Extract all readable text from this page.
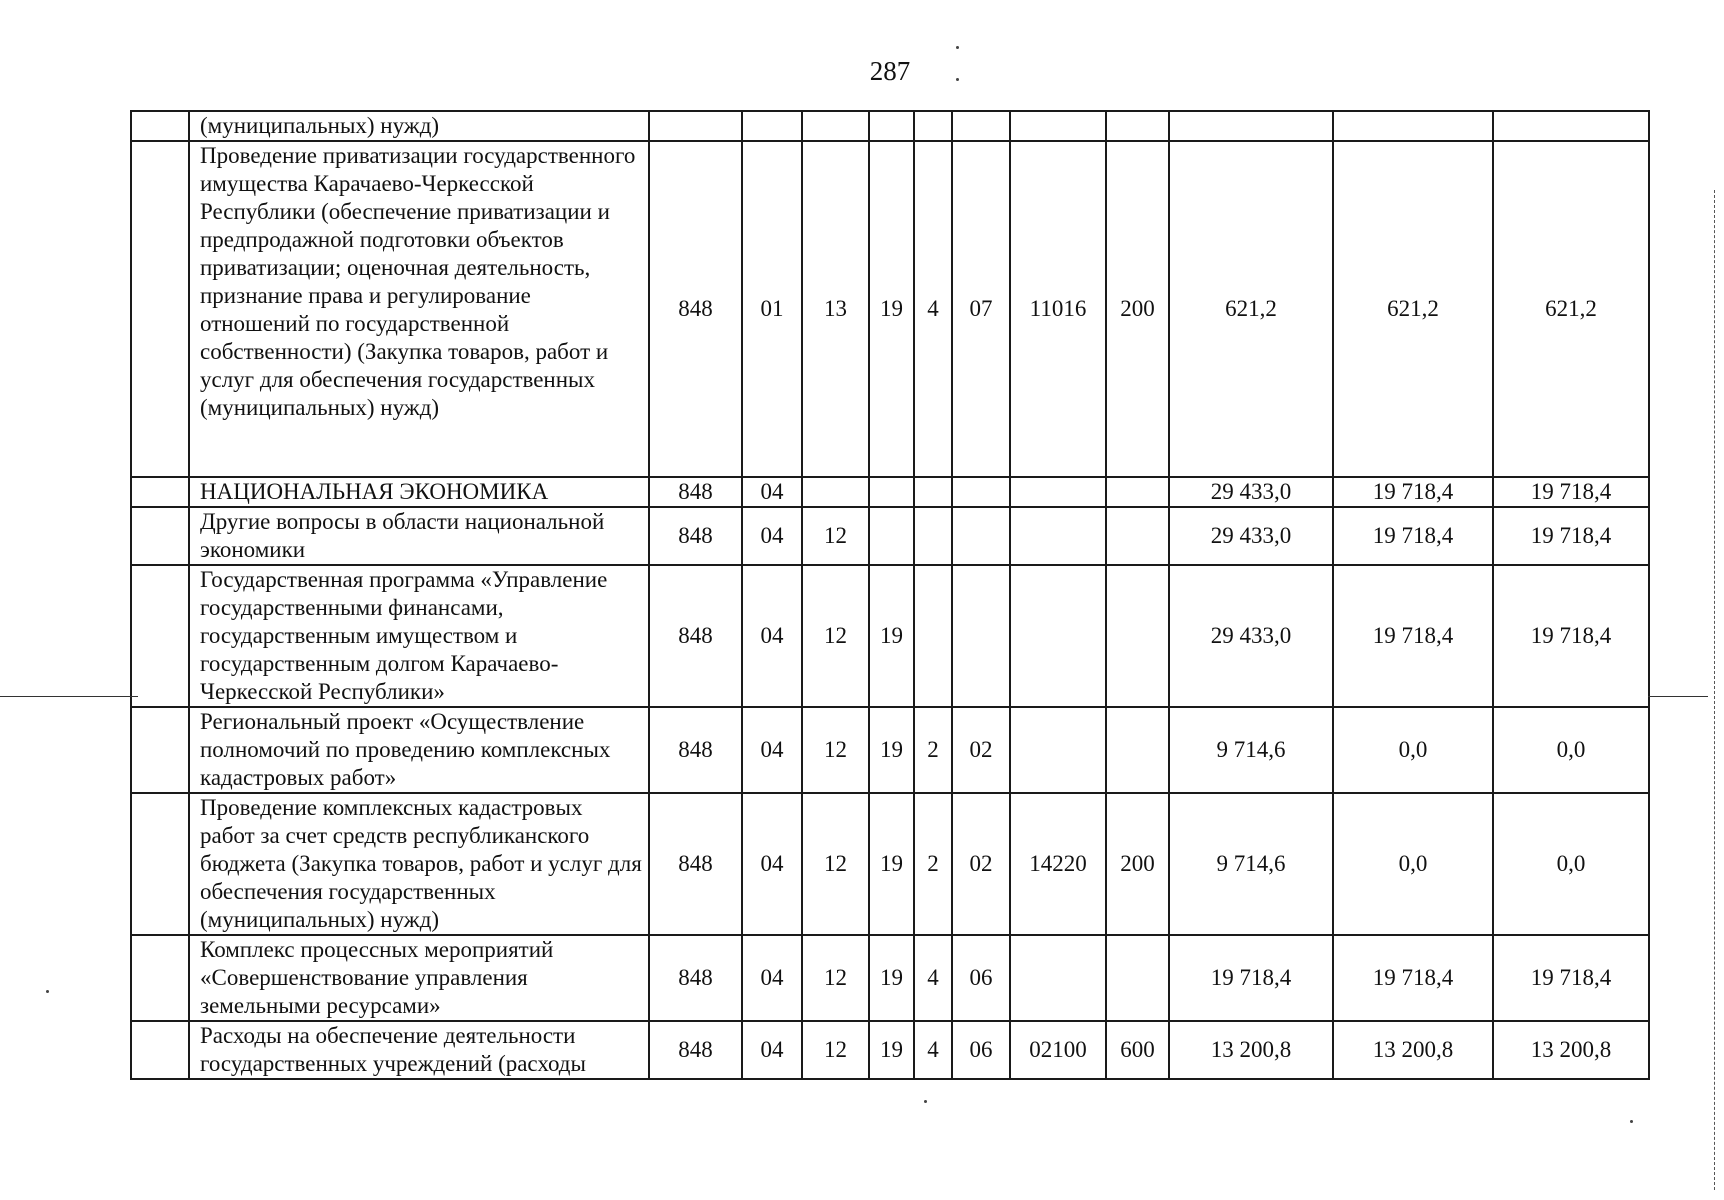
287
	(муниципальных) нужд)											
	Проведение приватизации государственного имущества Карачаево-Черкесской Республики (обеспечение приватизации и предпродажной подготовки объектов приватизации; оценочная деятельность, признание права и регулирование отношений по государственной собственности) (Закупка товаров, работ и услуг для обеспечения государственных (муниципальных) нужд)	848	01	13	19	4	07	11016	200	621,2	621,2	621,2
	НАЦИОНАЛЬНАЯ ЭКОНОМИКА	848	04							29 433,0	19 718,4	19 718,4
	Другие вопросы в области национальной экономики	848	04	12						29 433,0	19 718,4	19 718,4
	Государственная программа «Управление государственными финансами, государственным имуществом и государственным долгом Карачаево-Черкесской Республики»	848	04	12	19					29 433,0	19 718,4	19 718,4
	Региональный проект «Осуществление полномочий по проведению комплексных кадастровых работ»	848	04	12	19	2	02			9 714,6	0,0	0,0
	Проведение комплексных кадастровых работ за счет средств республиканского бюджета (Закупка товаров, работ и услуг для обеспечения государственных (муниципальных) нужд)	848	04	12	19	2	02	14220	200	9 714,6	0,0	0,0
	Комплекс процессных мероприятий «Совершенствование управления земельными ресурсами»	848	04	12	19	4	06			19 718,4	19 718,4	19 718,4
	Расходы на обеспечение деятельности государственных учреждений (расходы	848	04	12	19	4	06	02100	600	13 200,8	13 200,8	13 200,8
